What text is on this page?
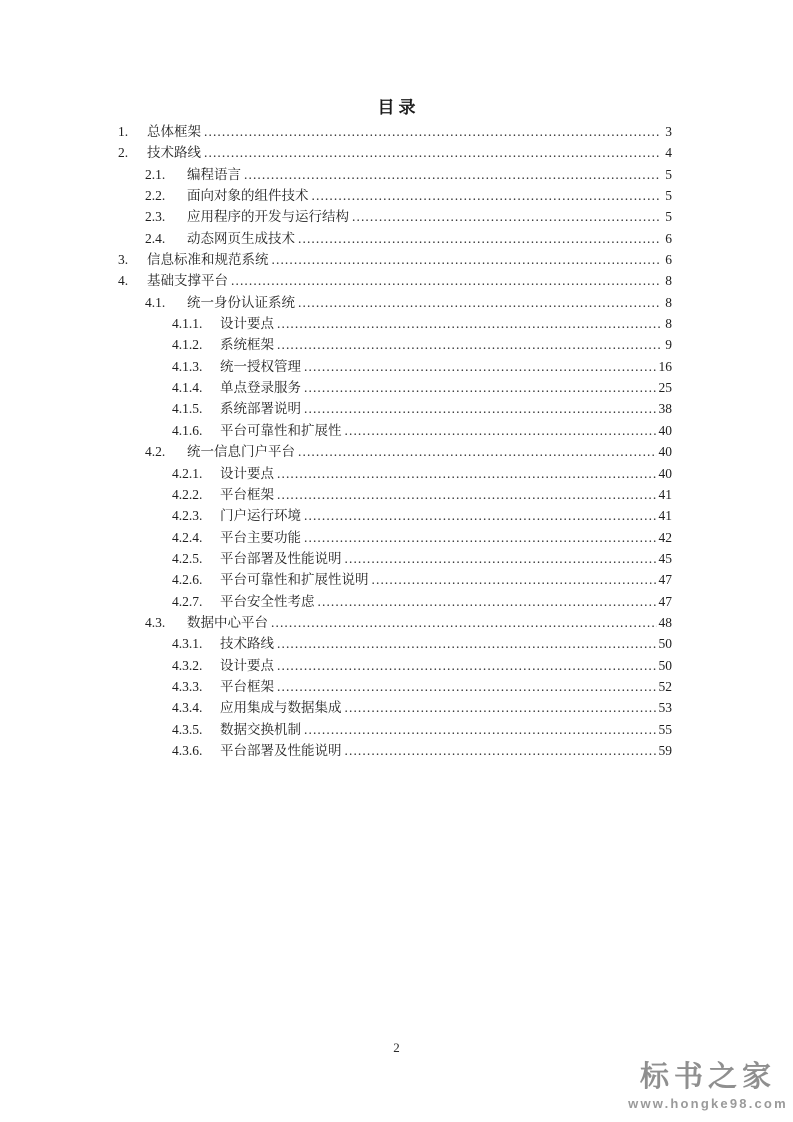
目录
1.	总体框架 .....	3
2.	技术路线 .....	4
2.1.	编程语言 .....	5
2.2.	面向对象的组件技术 .....	5
2.3.	应用程序的开发与运行结构 .....	5
2.4.	动态网页生成技术 .....	6
3.	信息标准和规范系统 .....	6
4.	基础支撑平台 .....	8
4.1.	统一身份认证系统 .....	8
4.1.1.	设计要点 .....	8
4.1.2.	系统框架 .....	9
4.1.3.	统一授权管理 .....	16
4.1.4.	单点登录服务 .....	25
4.1.5.	系统部署说明 .....	38
4.1.6.	平台可靠性和扩展性 .....	40
4.2.	统一信息门户平台 .....	40
4.2.1.	设计要点 .....	40
4.2.2.	平台框架 .....	41
4.2.3.	门户运行环境 .....	41
4.2.4.	平台主要功能 .....	42
4.2.5.	平台部署及性能说明 .....	45
4.2.6.	平台可靠性和扩展性说明 .....	47
4.2.7.	平台安全性考虑 .....	47
4.3.	数据中心平台 .....	48
4.3.1.	技术路线 .....	50
4.3.2.	设计要点 .....	50
4.3.3.	平台框架 .....	52
4.3.4.	应用集成与数据集成 .....	53
4.3.5.	数据交换机制 .....	55
4.3.6.	平台部署及性能说明 .....	59
2
标书之家
www.hongke98.com
